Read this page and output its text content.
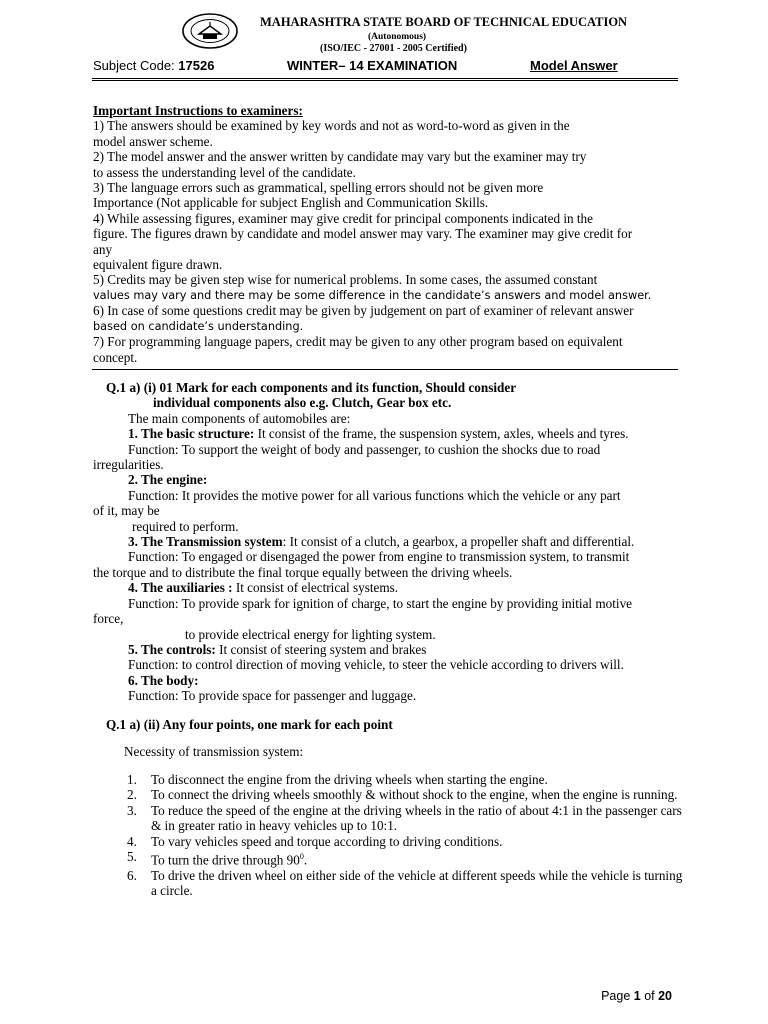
· · · · · · · ·	MAHARASHTRA STATE BOARD OF TECHNICAL EDUCATION
(Autonomous)
(ISO/IEC - 27001 - 2005 Certified)
Subject Code: 17526	WINTER– 14 EXAMINATION	Model Answer

Important Instructions to examiners:

1) The answers should be examined by key words and not as word-to-word as given in the

model answer scheme.

2) The model answer and the answer written by candidate may vary but the examiner may try

to assess the understanding level of the candidate.

3) The language errors such as grammatical, spelling errors should not be given more

Importance (Not applicable for subject English and Communication Skills.

4) While assessing figures, examiner may give credit for principal components indicated in the

figure. The figures drawn by candidate and model answer may vary. The examiner may give credit for

any

equivalent figure drawn.

5) Credits may be given step wise for numerical problems. In some cases, the assumed constant

values may vary and there may be some difference in the candidate’s answers and model answer.

6) In case of some questions credit may be given by judgement on part of examiner of relevant answer

based on candidate’s understanding.

7) For programming language papers, credit may be given to any other program based on equivalent

concept.

Q.1 a) (i) 01 Mark for each components and its function, Should consider

individual components also e.g. Clutch, Gear box etc.

The main components of automobiles are:

1. The basic structure: It consist of the frame, the suspension system, axles, wheels and tyres.

Function: To support the weight of body and passenger, to cushion the shocks due to road

irregularities.

2. The engine:

Function: It provides the motive power for all various functions which the vehicle or any part

of it, may be

required to perform.

3. The Transmission system: It consist of a clutch, a gearbox, a propeller shaft and differential.

Function: To engaged or disengaged the power from engine to transmission system, to transmit

the torque and to distribute the final torque equally between the driving wheels.

4. The auxiliaries : It consist of electrical systems.

Function: To provide spark for ignition of charge, to start the engine by providing initial motive

force,

to provide electrical energy for lighting system.

5. The controls: It consist of steering system and brakes

Function: to control direction of moving vehicle, to steer the vehicle according to drivers will.

6. The body:

Function: To provide space for passenger and luggage.

Q.1 a) (ii) Any four points, one mark for each point
Necessity of transmission system:
1. To disconnect the engine from the driving wheels when starting the engine.
2. To connect the driving wheels smoothly & without shock to the engine, when the engine is running.
3. To reduce the speed of the engine at the driving wheels in the ratio of about 4:1 in the passenger cars & in greater ratio in heavy vehicles up to 10:1.
4. To vary vehicles speed and torque according to driving conditions.
5. To turn the drive through $90^0$.
6. To drive the driven wheel on either side of the vehicle at different speeds while the vehicle is turning a circle.
Page 1 of 20
